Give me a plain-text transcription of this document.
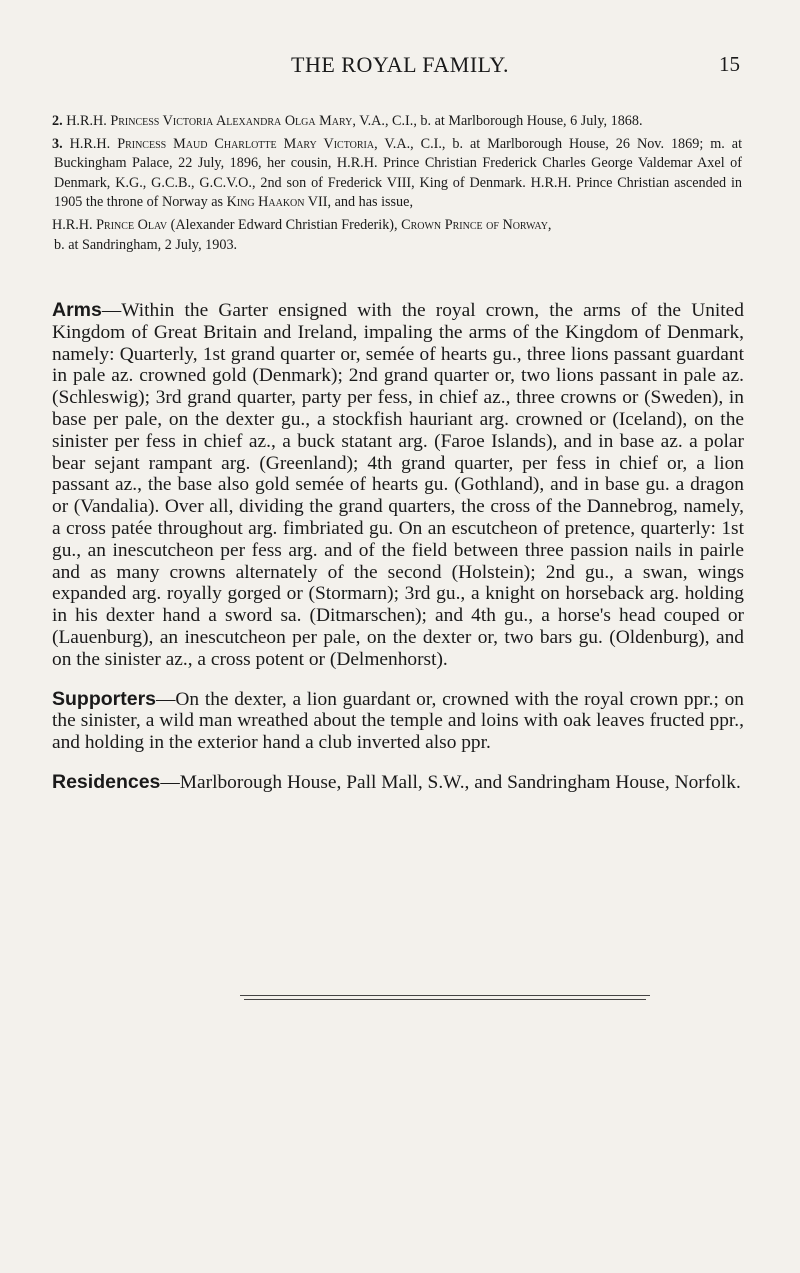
THE ROYAL FAMILY.	15

2. H.R.H. Princess Victoria Alexandra Olga Mary, V.A., C.I., b. at Marlborough House, 6 July, 1868.

3. H.R.H. Princess Maud Charlotte Mary Victoria, V.A., C.I., b. at Marlborough House, 26 Nov. 1869; m. at Buckingham Palace, 22 July, 1896, her cousin, H.R.H. Prince Christian Frederick Charles George Valdemar Axel of Denmark, K.G., G.C.B., G.C.V.O., 2nd son of Frederick VIII, King of Denmark. H.R.H. Prince Christian ascended in 1905 the throne of Norway as King Haakon VII, and has issue,

H.R.H. Prince Olav (Alexander Edward Christian Frederik), Crown Prince of Norway,
b. at Sandringham, 2 July, 1903.

Arms—Within the Garter ensigned with the royal crown, the arms of the United Kingdom of Great Britain and Ireland, impaling the arms of the Kingdom of Denmark, namely: Quarterly, 1st grand quarter or, semée of hearts gu., three lions passant guardant in pale az. crowned gold (Denmark); 2nd grand quarter or, two lions passant in pale az. (Schleswig); 3rd grand quarter, party per fess, in chief az., three crowns or (Sweden), in base per pale, on the dexter gu., a stockfish hauriant arg. crowned or (Iceland), on the sinister per fess in chief az., a buck statant arg. (Faroe Islands), and in base az. a polar bear sejant rampant arg. (Greenland); 4th grand quarter, per fess in chief or, a lion passant az., the base also gold semée of hearts gu. (Gothland), and in base gu. a dragon or (Vandalia). Over all, dividing the grand quarters, the cross of the Dannebrog, namely, a cross patée throughout arg. fimbriated gu. On an escutcheon of pretence, quarterly: 1st gu., an inescutcheon per fess arg. and of the field between three passion nails in pairle and as many crowns alternately of the second (Holstein); 2nd gu., a swan, wings expanded arg. royally gorged or (Stormarn); 3rd gu., a knight on horseback arg. holding in his dexter hand a sword sa. (Ditmarschen); and 4th gu., a horse's head couped or (Lauenburg), an inescutcheon per pale, on the dexter or, two bars gu. (Oldenburg), and on the sinister az., a cross potent or (Delmenhorst).

Supporters—On the dexter, a lion guardant or, crowned with the royal crown ppr.; on the sinister, a wild man wreathed about the temple and loins with oak leaves fructed ppr., and holding in the exterior hand a club inverted also ppr.

Residences—Marlborough House, Pall Mall, S.W., and Sandringham House, Norfolk.
